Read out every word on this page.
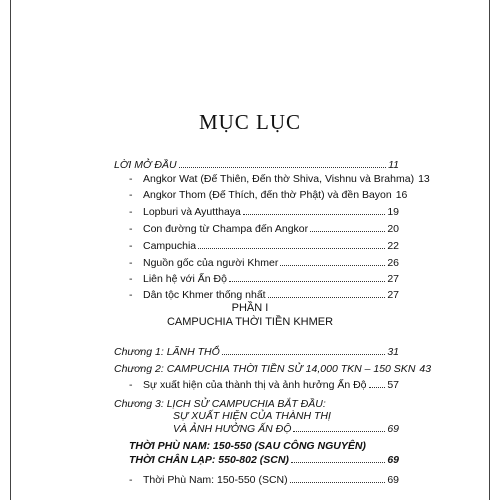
MỤC LỤC
LỜI MỞ ĐẦU	11
- Angkor Wat (Đế Thiên, Đến thờ Shiva, Vishnu và Brahma) 13
- Angkor Thom (Đế Thích, đến thờ Phật) và đền Bayon 16
- Lopburi và Ayutthaya	19
- Con đường từ Champa đến Angkor	20
- Campuchia	22
- Nguồn gốc của người Khmer	26
- Liên hệ với Ấn Độ	27
- Dân tộc Khmer thống nhất	27
PHẦN I
CAMPUCHIA THỜI TIỀN KHMER
Chương 1: LÃNH THỔ	31
Chương 2: CAMPUCHIA THỜI TIỀN SỬ 14,000 TKN – 150 SKN 43
- Sự xuất hiện của thành thị và ảnh hưởng Ấn Độ 57
Chương 3: LỊCH SỬ CAMPUCHIA BẮT ĐẦU:
SỰ XUẤT HIỆN CỦA THÀNH THỊ
VÀ ẢNH HƯỞNG ẤN ĐỘ	69
THỜI PHÙ NAM: 150-550 (SAU CÔNG NGUYÊN)
THỜI CHÂN LẠP: 550-802 (SCN)	69
- Thời Phù Nam: 150-550 (SCN)	69
